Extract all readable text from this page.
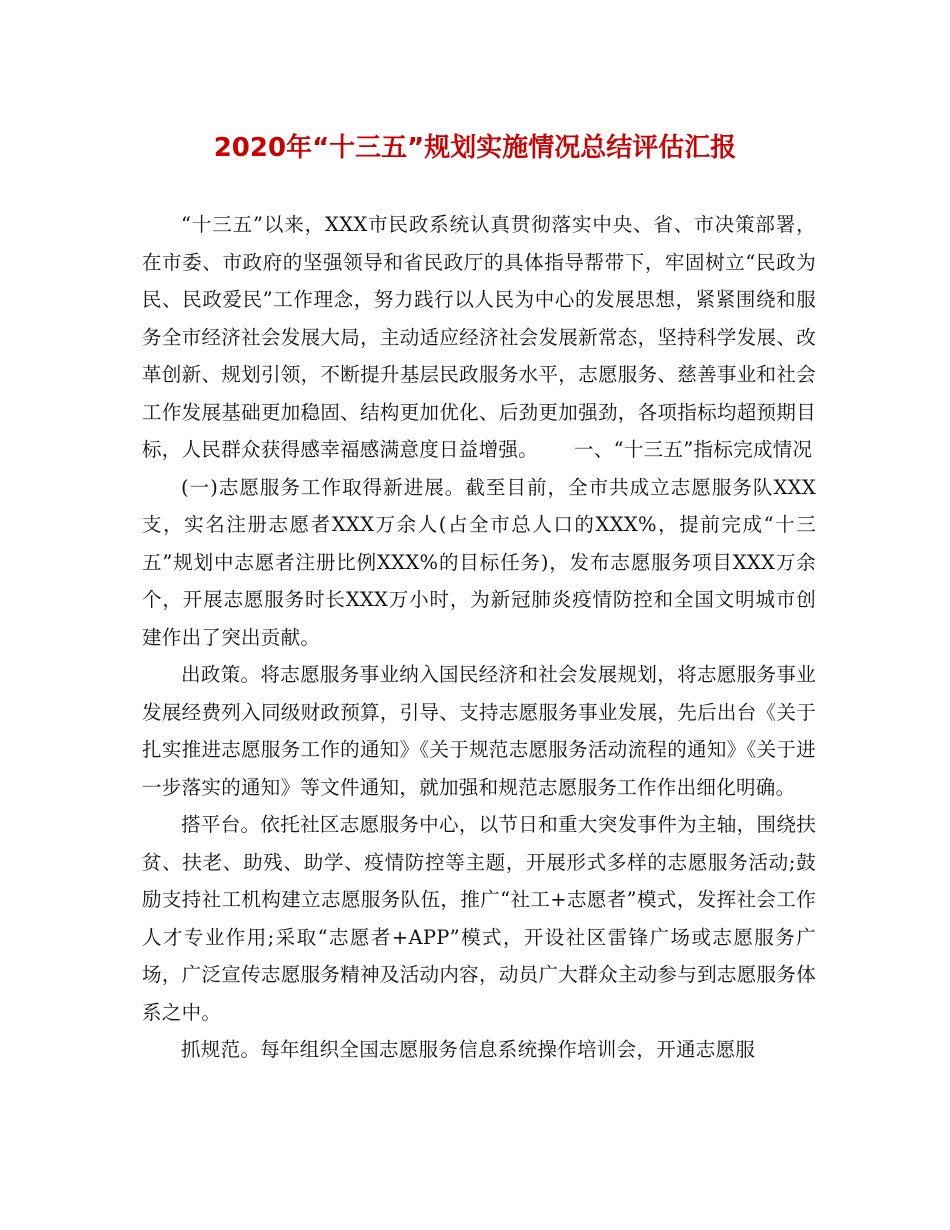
2020年“十三五”规划实施情况总结评估汇报

“十三五”以来，XXX市民政系统认真贯彻落实中央、省、市决策部署，在市委、市政府的坚强领导和省民政厅的具体指导帮带下，牢固树立“民政为民、民政爱民”工作理念，努力践行以人民为中心的发展思想，紧紧围绕和服务全市经济社会发展大局，主动适应经济社会发展新常态，坚持科学发展、改革创新、规划引领，不断提升基层民政服务水平，志愿服务、慈善事业和社会工作发展基础更加稳固、结构更加优化、后劲更加强劲，各项指标均超预期目标，人民群众获得感幸福感满意度日益增强。 一、“十三五”指标完成情况

(一)志愿服务工作取得新进展。截至目前，全市共成立志愿服务队XXX支，实名注册志愿者XXX万余人(占全市总人口的XXX%，提前完成“十三五”规划中志愿者注册比例XXX%的目标任务)，发布志愿服务项目XXX万余个，开展志愿服务时长XXX万小时，为新冠肺炎疫情防控和全国文明城市创建作出了突出贡献。

出政策。将志愿服务事业纳入国民经济和社会发展规划，将志愿服务事业发展经费列入同级财政预算，引导、支持志愿服务事业发展，先后出台《关于扎实推进志愿服务工作的通知》《关于规范志愿服务活动流程的通知》《关于进一步落实的通知》等文件通知，就加强和规范志愿服务工作作出细化明确。

搭平台。依托社区志愿服务中心，以节日和重大突发事件为主轴，围绕扶贫、扶老、助残、助学、疫情防控等主题，开展形式多样的志愿服务活动;鼓励支持社工机构建立志愿服务队伍，推广“社工+志愿者”模式，发挥社会工作人才专业作用;采取“志愿者+APP”模式，开设社区雷锋广场或志愿服务广场，广泛宣传志愿服务精神及活动内容，动员广大群众主动参与到志愿服务体系之中。

抓规范。每年组织全国志愿服务信息系统操作培训会，开通志愿服
